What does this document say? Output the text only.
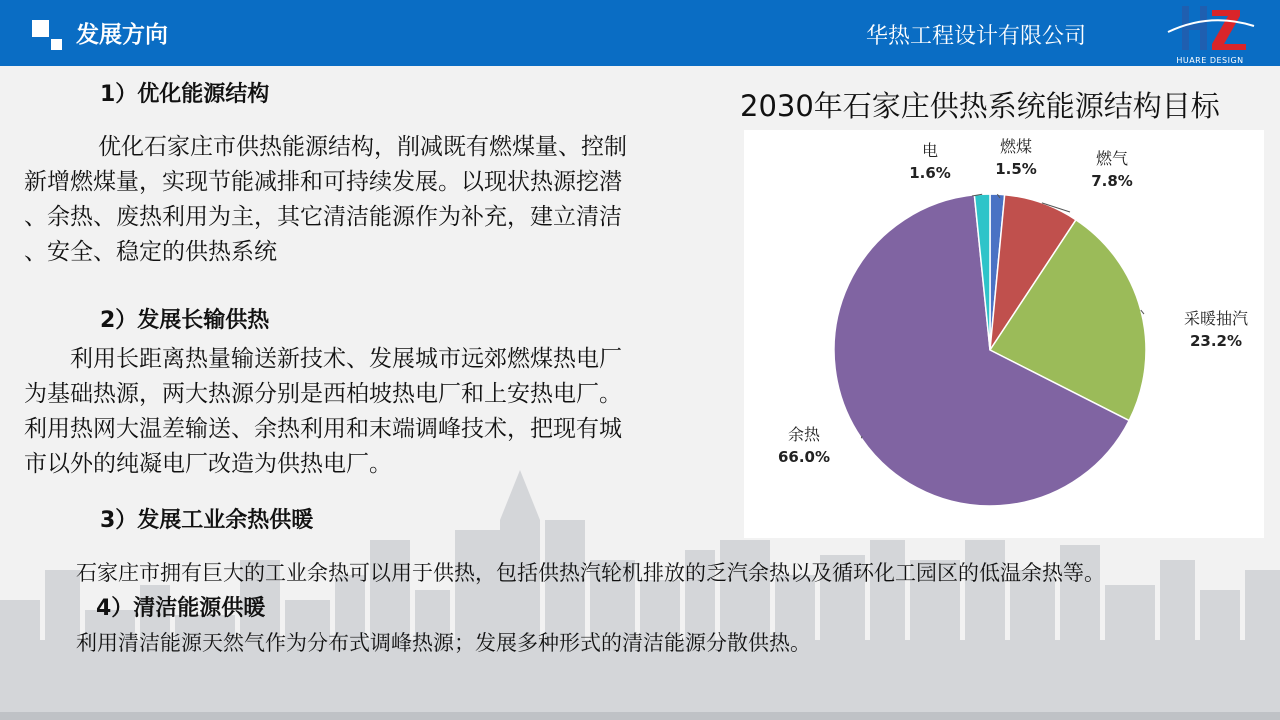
发展方向	华热工程设计有限公司
HUARE DESIGN
1）优化能源结构
优化石家庄市供热能源结构，削减既有燃煤量、控制
新增燃煤量，实现节能减排和可持续发展。以现状热源挖潜
、余热、废热利用为主，其它清洁能源作为补充，建立清洁
、安全、稳定的供热系统
2）发展长输供热
利用长距离热量输送新技术、发展城市远郊燃煤热电厂
为基础热源，两大热源分别是西柏坡热电厂和上安热电厂。
利用热网大温差输送、余热利用和末端调峰技术，把现有城
市以外的纯凝电厂改造为供热电厂。
3）发展工业余热供暖
石家庄市拥有巨大的工业余热可以用于供热，包括供热汽轮机排放的乏汽余热以及循环化工园区的低温余热等。
4）清洁能源供暖
利用清洁能源天然气作为分布式调峰热源；发展多种形式的清洁能源分散供热。
2030年石家庄供热系统能源结构目标
燃煤
1.5%
燃气
7.8%
采暖抽汽
23.2%
余热
66.0%
电
1.6%
